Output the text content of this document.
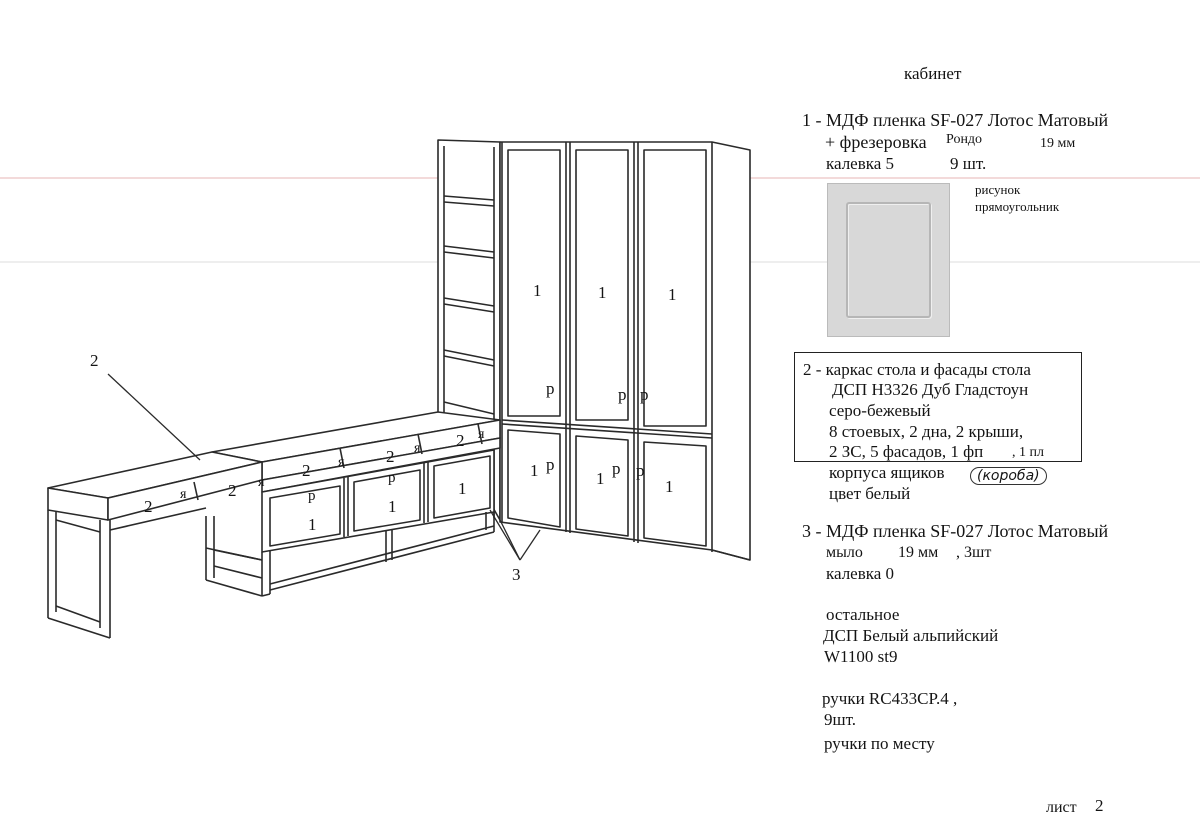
2
3
1	1	1
р	р р
1	1	1
р	р р
2
я 2 я
2 я 2 я 2 я
1
1
1
р
р
кабинет
1 - МДФ пленка SF-027 Лотос Матовый
+ фрезеровка Рондо	19 мм
калевка 5	9 шт.
рисунок
прямоугольник
2 - каркас стола и фасады стола
ДСП Н3326 Дуб Гладстоун
серо-бежевый
8 стоевых, 2 дна, 2 крыши,
2 ЗС, 5 фасадов, 1 фп , 1 пл
корпуса ящиков	(короба)
цвет белый
3 - МДФ пленка SF-027 Лотос Матовый
мыло 19 мм , 3шт
калевка 0
остальное
ДСП Белый альпийский
W1100 st9
ручки RC433CP.4 ,
9шт.
ручки по месту
лист 2
